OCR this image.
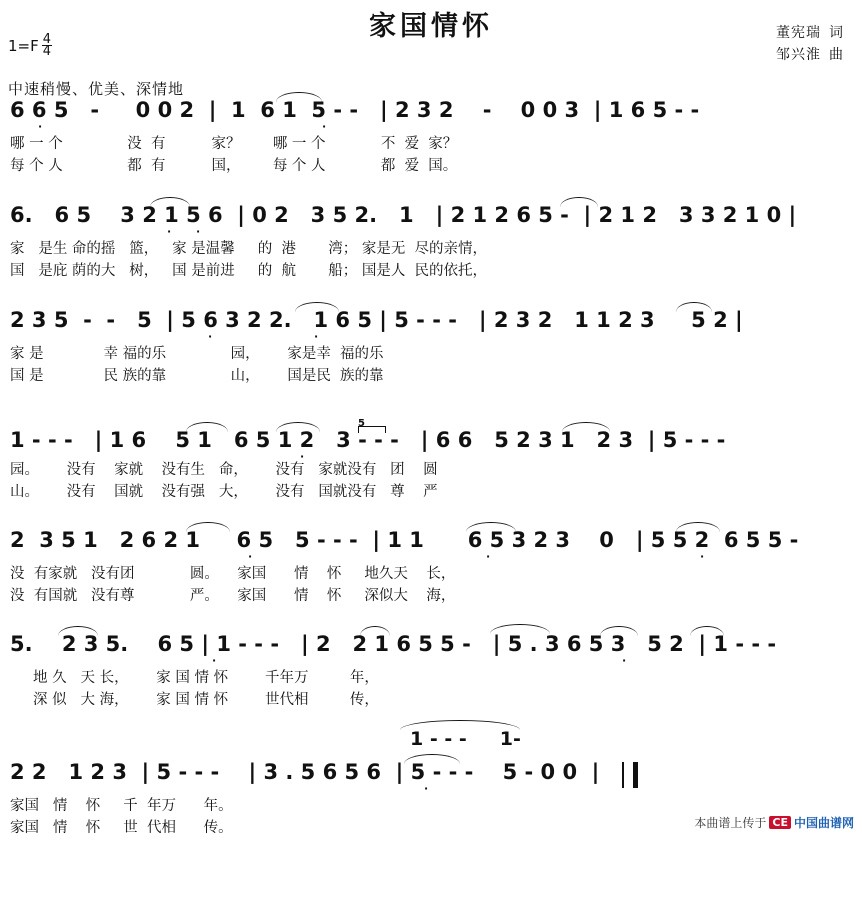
家国情怀	董宪瑞 词
邹兴淮 曲
$1=F \frac{4}{4}$
中速稍慢、优美、深情地

6 6 5   -     0 0 2  |  1  6 1  5 - -   | 2 3 2    -    0 0 3  | 1 6 5 - -

·

·

哪 一 个              没  有          家？       哪 一 个            不  爱  家？

每 个 人              都  有          国，       每 个 人            都  爱  国。

6.   6 5    3 2 1 5 6  | 0 2   3 5 2.   1   | 2 1 2 6 5 -  | 2 1 2   3 3 2 1 0 |

·

·

家   是生 命的摇   篮，   家 是温馨     的  港       湾； 家是无  尽的亲情，

国   是庇 荫的大   树，   国 是前进     的  航       船； 国是人  民的依托，

2 3 5  -  -   5  | 5 6 3 2 2.   1 6 5 | 5 - - -   | 2 3 2   1 1 2 3     5 2 |

·

	·

家 是             幸 福的乐              园，      家是幸  福的乐

国 是             民 族的靠              山，      国是民  族的靠

1 - - -   | 1 6    5 1   6 5 1 2   3 - - -   | 6 6   5 2 3 1   2 3  | 5 - - -

5

·

园。      没有    家就    没有生   命，      没有   家就没有   团    圆

山。      没有    国就    没有强   大，      没有   国就没有   尊    严

2  3 5 1   2 6 2 1     6 5   5 - - -  | 1 1      6 5 3 2 3    0   | 5 5 2  6 5 5 -

·

	·

	·

没  有家就   没有团            圆。    家国      情    怀     地久天    长，

没  有国就   没有尊            严。    家国      情    怀     深似大    海，

5.    2 3 5.    6 5 | 1 - - -   | 2   2 1 6 5 5 -   | 5 . 3 6 5 3   5 2  | 1 - - -

·

	·

地 久   天 长，      家 国 情 怀        千年万         年，

深 似   大 海，      家 国 情 怀        世代相         传，

1 - - -     1-

2 2   1 2 3  | 5 - - -    | 3 . 5 6 5 6  | 5 - - -    5 - 0 0  |

·

家国   情    怀     千  年万      年。

家国   情    怀     世  代相      传。

	本曲谱上传于 CE 中国曲谱网
